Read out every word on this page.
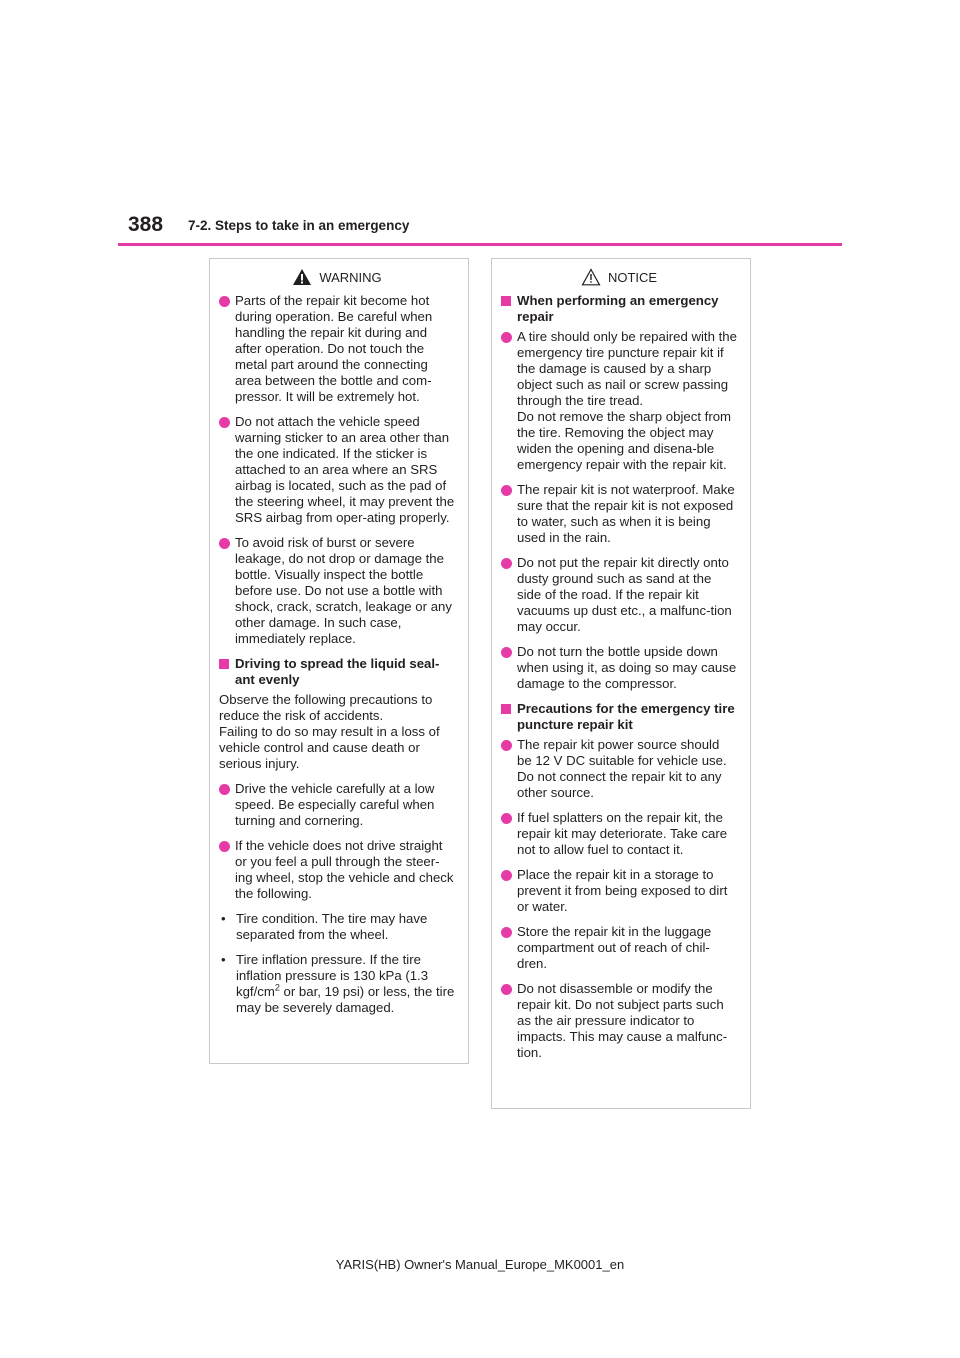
388 7-2. Steps to take in an emergency
WARNING
Parts of the repair kit become hot during operation. Be careful when handling the repair kit during and after operation. Do not touch the metal part around the connecting area between the bottle and com-pressor. It will be extremely hot.
Do not attach the vehicle speed warning sticker to an area other than the one indicated. If the sticker is attached to an area where an SRS airbag is located, such as the pad of the steering wheel, it may prevent the SRS airbag from oper-ating properly.
To avoid risk of burst or severe leakage, do not drop or damage the bottle. Visually inspect the bottle before use. Do not use a bottle with shock, crack, scratch, leakage or any other damage. In such case, immediately replace.
Driving to spread the liquid seal-ant evenly
Observe the following precautions to reduce the risk of accidents.
Failing to do so may result in a loss of vehicle control and cause death or serious injury.
Drive the vehicle carefully at a low speed. Be especially careful when turning and cornering.
If the vehicle does not drive straight or you feel a pull through the steer-ing wheel, stop the vehicle and check the following.
• Tire condition. The tire may have separated from the wheel.
• Tire inflation pressure. If the tire inflation pressure is 130 kPa (1.3 kgf/$cm^2$ or bar, 19 psi) or less, the tire may be severely damaged.
NOTICE
When performing an emergency repair
A tire should only be repaired with the emergency tire puncture repair kit if the damage is caused by a sharp object such as nail or screw passing through the tire tread.
Do not remove the sharp object from the tire. Removing the object may widen the opening and disena-ble emergency repair with the repair kit.
The repair kit is not waterproof. Make sure that the repair kit is not exposed to water, such as when it is being used in the rain.
Do not put the repair kit directly onto dusty ground such as sand at the side of the road. If the repair kit vacuums up dust etc., a malfunc-tion may occur.
Do not turn the bottle upside down when using it, as doing so may cause damage to the compressor.
Precautions for the emergency tire puncture repair kit
The repair kit power source should be 12 V DC suitable for vehicle use. Do not connect the repair kit to any other source.
If fuel splatters on the repair kit, the repair kit may deteriorate. Take care not to allow fuel to contact it.
Place the repair kit in a storage to prevent it from being exposed to dirt or water.
Store the repair kit in the luggage compartment out of reach of chil-dren.
Do not disassemble or modify the repair kit. Do not subject parts such as the air pressure indicator to impacts. This may cause a malfunc-tion.
YARIS(HB) Owner's Manual_Europe_MK0001_en
